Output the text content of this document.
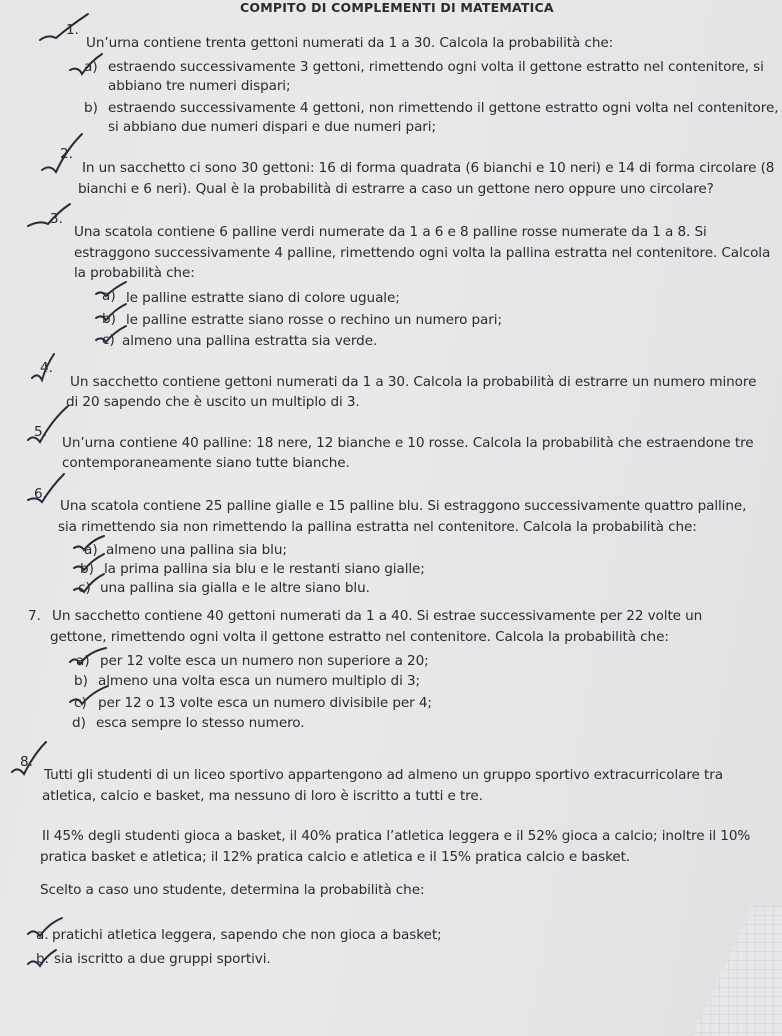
COMPITO DI COMPLEMENTI DI MATEMATICA
1.
Un’urna contiene trenta gettoni numerati da 1 a 30. Calcola la probabilità che:
a) estraendo successivamente 3 gettoni, rimettendo ogni volta il gettone estratto nel contenitore, si
abbiano tre numeri dispari;
b) estraendo successivamente 4 gettoni, non rimettendo il gettone estratto ogni volta nel contenitore,
si abbiano due numeri dispari e due numeri pari;
2.
In un sacchetto ci sono 30 gettoni: 16 di forma quadrata (6 bianchi e 10 neri) e 14 di forma circolare (8
bianchi e 6 neri). Qual è la probabilità di estrarre a caso un gettone nero oppure uno circolare?
3.
Una scatola contiene 6 palline verdi numerate da 1 a 6 e 8 palline rosse numerate da 1 a 8. Si
estraggono successivamente 4 palline, rimettendo ogni volta la pallina estratta nel contenitore. Calcola
la probabilità che:
a) le palline estratte siano di colore uguale;
b) le palline estratte siano rosse o rechino un numero pari;
c) almeno una pallina estratta sia verde.
4.
Un sacchetto contiene gettoni numerati da 1 a 30. Calcola la probabilità di estrarre un numero minore
di 20 sapendo che è uscito un multiplo di 3.
5.
Un’urna contiene 40 palline: 18 nere, 12 bianche e 10 rosse. Calcola la probabilità che estraendone tre
contemporaneamente siano tutte bianche.
6.
Una scatola contiene 25 palline gialle e 15 palline blu. Si estraggono successivamente quattro palline,
sia rimettendo sia non rimettendo la pallina estratta nel contenitore. Calcola la probabilità che:
a) almeno una pallina sia blu;
b) la prima pallina sia blu e le restanti siano gialle;
c) una pallina sia gialla e le altre siano blu.
7. Un sacchetto contiene 40 gettoni numerati da 1 a 40. Si estrae successivamente per 22 volte un
gettone, rimettendo ogni volta il gettone estratto nel contenitore. Calcola la probabilità che:
a) per 12 volte esca un numero non superiore a 20;
b) almeno una volta esca un numero multiplo di 3;
c) per 12 o 13 volte esca un numero divisibile per 4;
d) esca sempre lo stesso numero.
8.
Tutti gli studenti di un liceo sportivo appartengono ad almeno un gruppo sportivo extracurricolare tra
atletica, calcio e basket, ma nessuno di loro è iscritto a tutti e tre.
Il 45% degli studenti gioca a basket, il 40% pratica l’atletica leggera e il 52% gioca a calcio; inoltre il 10%
pratica basket e atletica; il 12% pratica calcio e atletica e il 15% pratica calcio e basket.
Scelto a caso uno studente, determina la probabilità che:
a. pratichi atletica leggera, sapendo che non gioca a basket;
b. sia iscritto a due gruppi sportivi.
